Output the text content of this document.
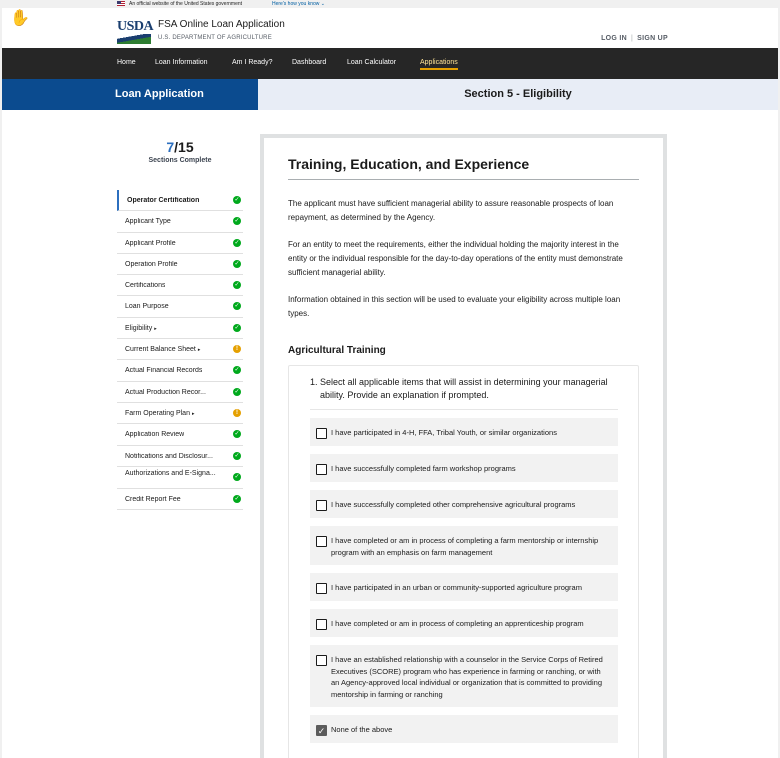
An official website of the United States government	Here's how you know ⌄
✋	USDA FSA Online Loan Application
U.S. DEPARTMENT OF AGRICULTURE	LOG IN | SIGN UP
Home	Loan Information	Am I Ready?	Dashboard	Loan Calculator	Applications
Loan Application	Section 5 - Eligibility
7/15
Sections Complete
Operator Certification	✓
Applicant Type	✓
Applicant Profile	✓
Operation Profile	✓
Certifications	✓
Loan Purpose	✓
Eligibility ▸	✓
Current Balance Sheet ▸	!
Actual Financial Records	✓
Actual Production Recor...	✓
Farm Operating Plan ▸	!
Application Review	✓
Notifications and Disclosur...	✓
Authorizations and E-Signa...	✓
Credit Report Fee	✓
Training, Education, and Experience

The applicant must have sufficient managerial ability to assure reasonable prospects of loan repayment, as determined by the Agency.

For an entity to meet the requirements, either the individual holding the majority interest in the entity or the individual responsible for the day-to-day operations of the entity must demonstrate sufficient managerial ability.

Information obtained in this section will be used to evaluate your eligibility across multiple loan types.

Agricultural Training
1. Select all applicable items that will assist in determining your managerial ability. Provide an explanation if prompted.
I have participated in 4-H, FFA, Tribal Youth, or similar organizations
I have successfully completed farm workshop programs
I have successfully completed other comprehensive agricultural programs
I have completed or am in process of completing a farm mentorship or internship program with an emphasis on farm management
I have participated in an urban or community-supported agriculture program
I have completed or am in process of completing an apprenticeship program
I have an established relationship with a counselor in the Service Corps of Retired Executives (SCORE) program who has experience in farming or ranching, or with an Agency-approved local individual or organization that is committed to providing mentorship in farming or ranching
✓ None of the above
